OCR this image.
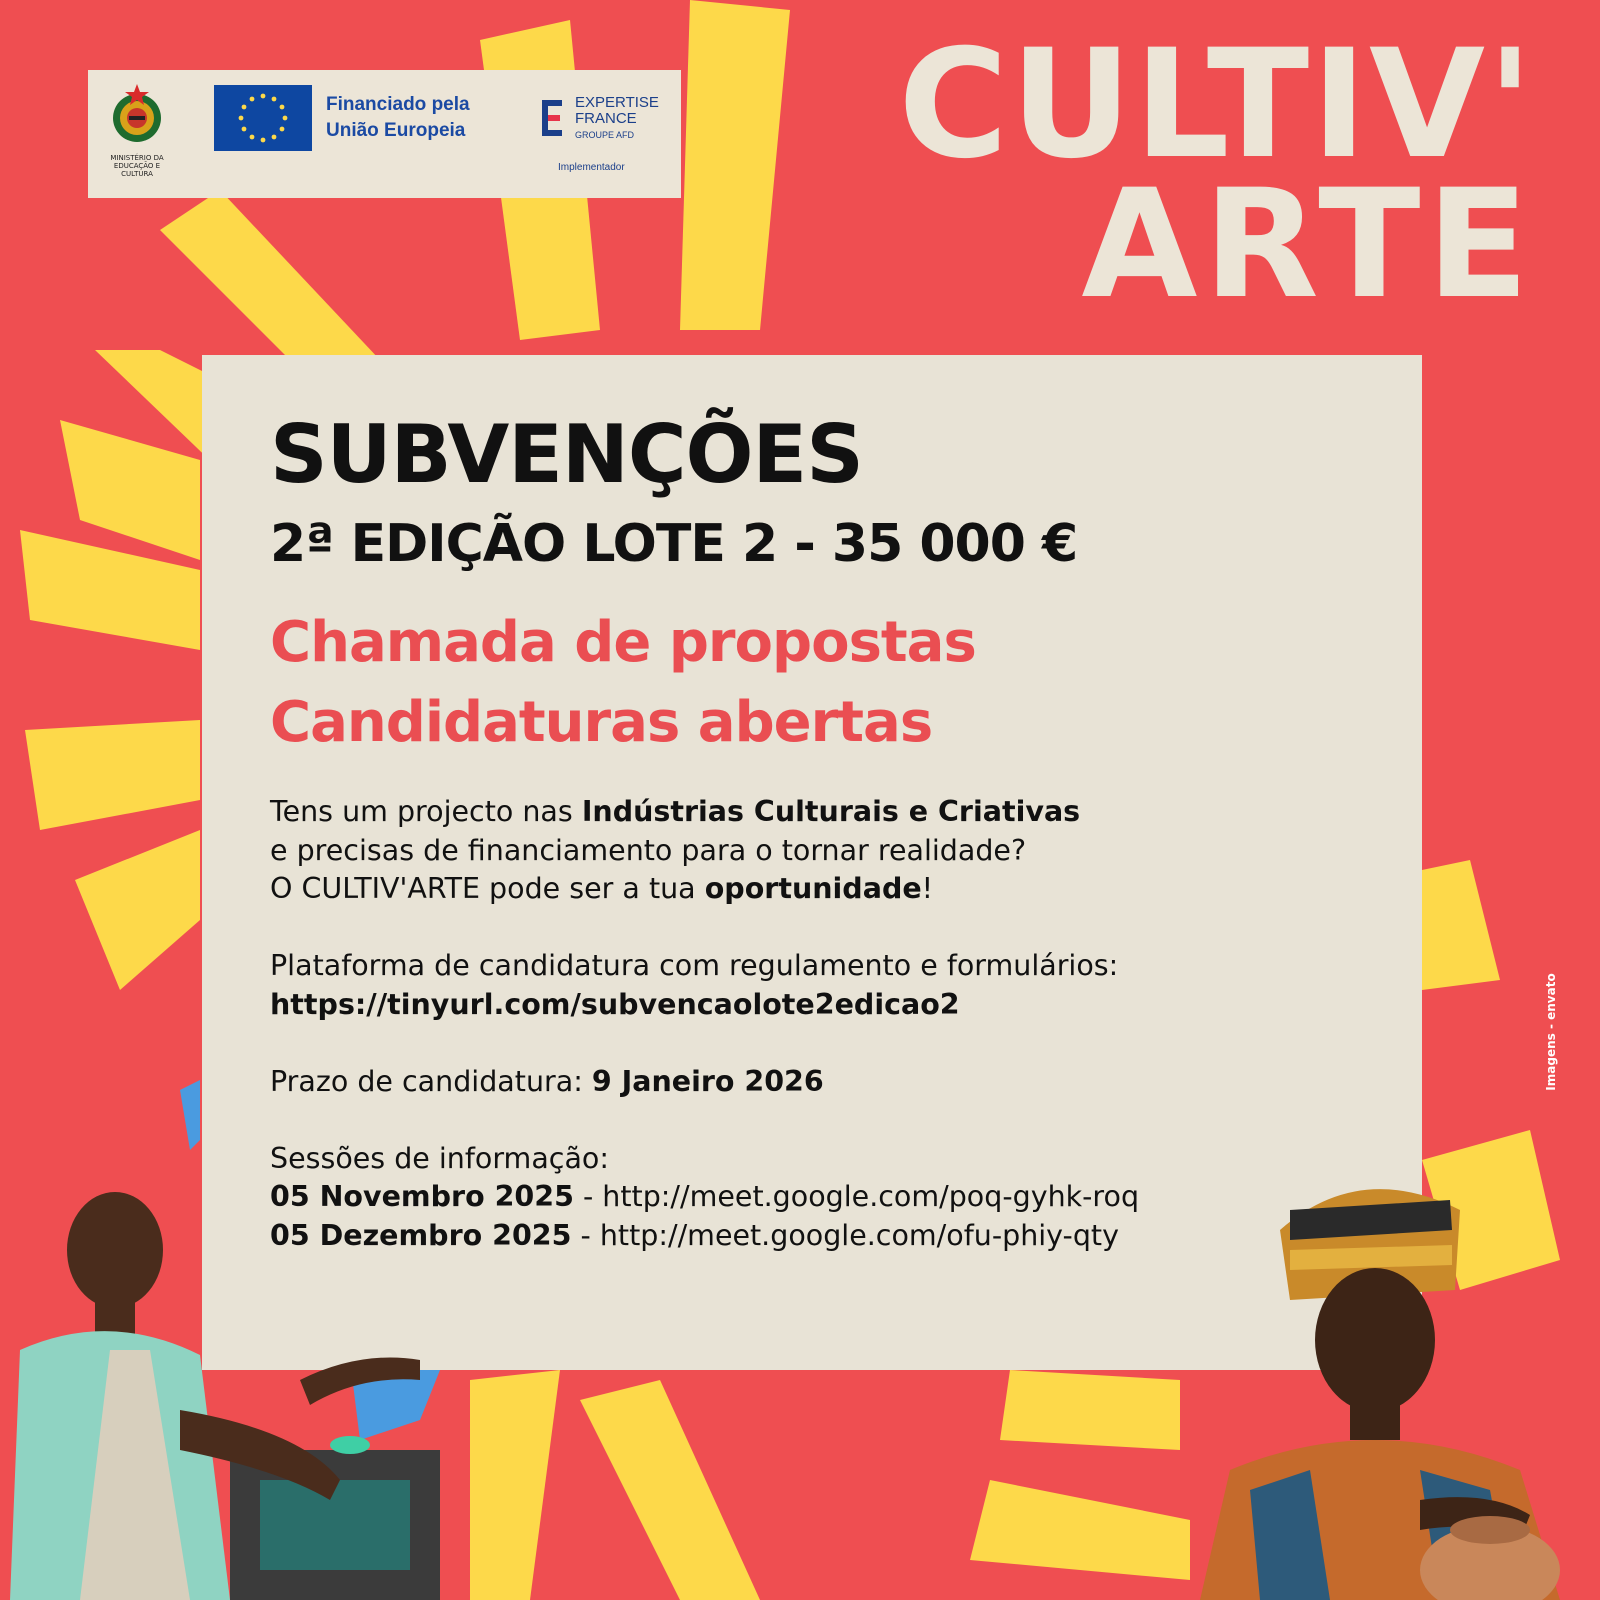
MINISTÉRIO DA EDUCAÇÃO E CULTURA
Financiado pela
União Europeia
EXPERTISE
FRANCE
GROUPE AFD
Implementador	CULTIV'
ARTE
SUBVENÇÕES
2ª EDIÇÃO LOTE 2 - 35 000 €
Chamada de propostas
Candidaturas abertas

Tens um projecto nas Indústrias Culturais e Criativas

e precisas de financiamento para o tornar realidade?

O CULTIV'ARTE pode ser a tua oportunidade!

Plataforma de candidatura com regulamento e formulários:

https://tinyurl.com/subvencaolote2edicao2

Prazo de candidatura: 9 Janeiro 2026

Sessões de informação:

05 Novembro 2025 - http://meet.google.com/poq-gyhk-roq

05 Dezembro 2025 - http://meet.google.com/ofu-phiy-qty

Imagens - envato
